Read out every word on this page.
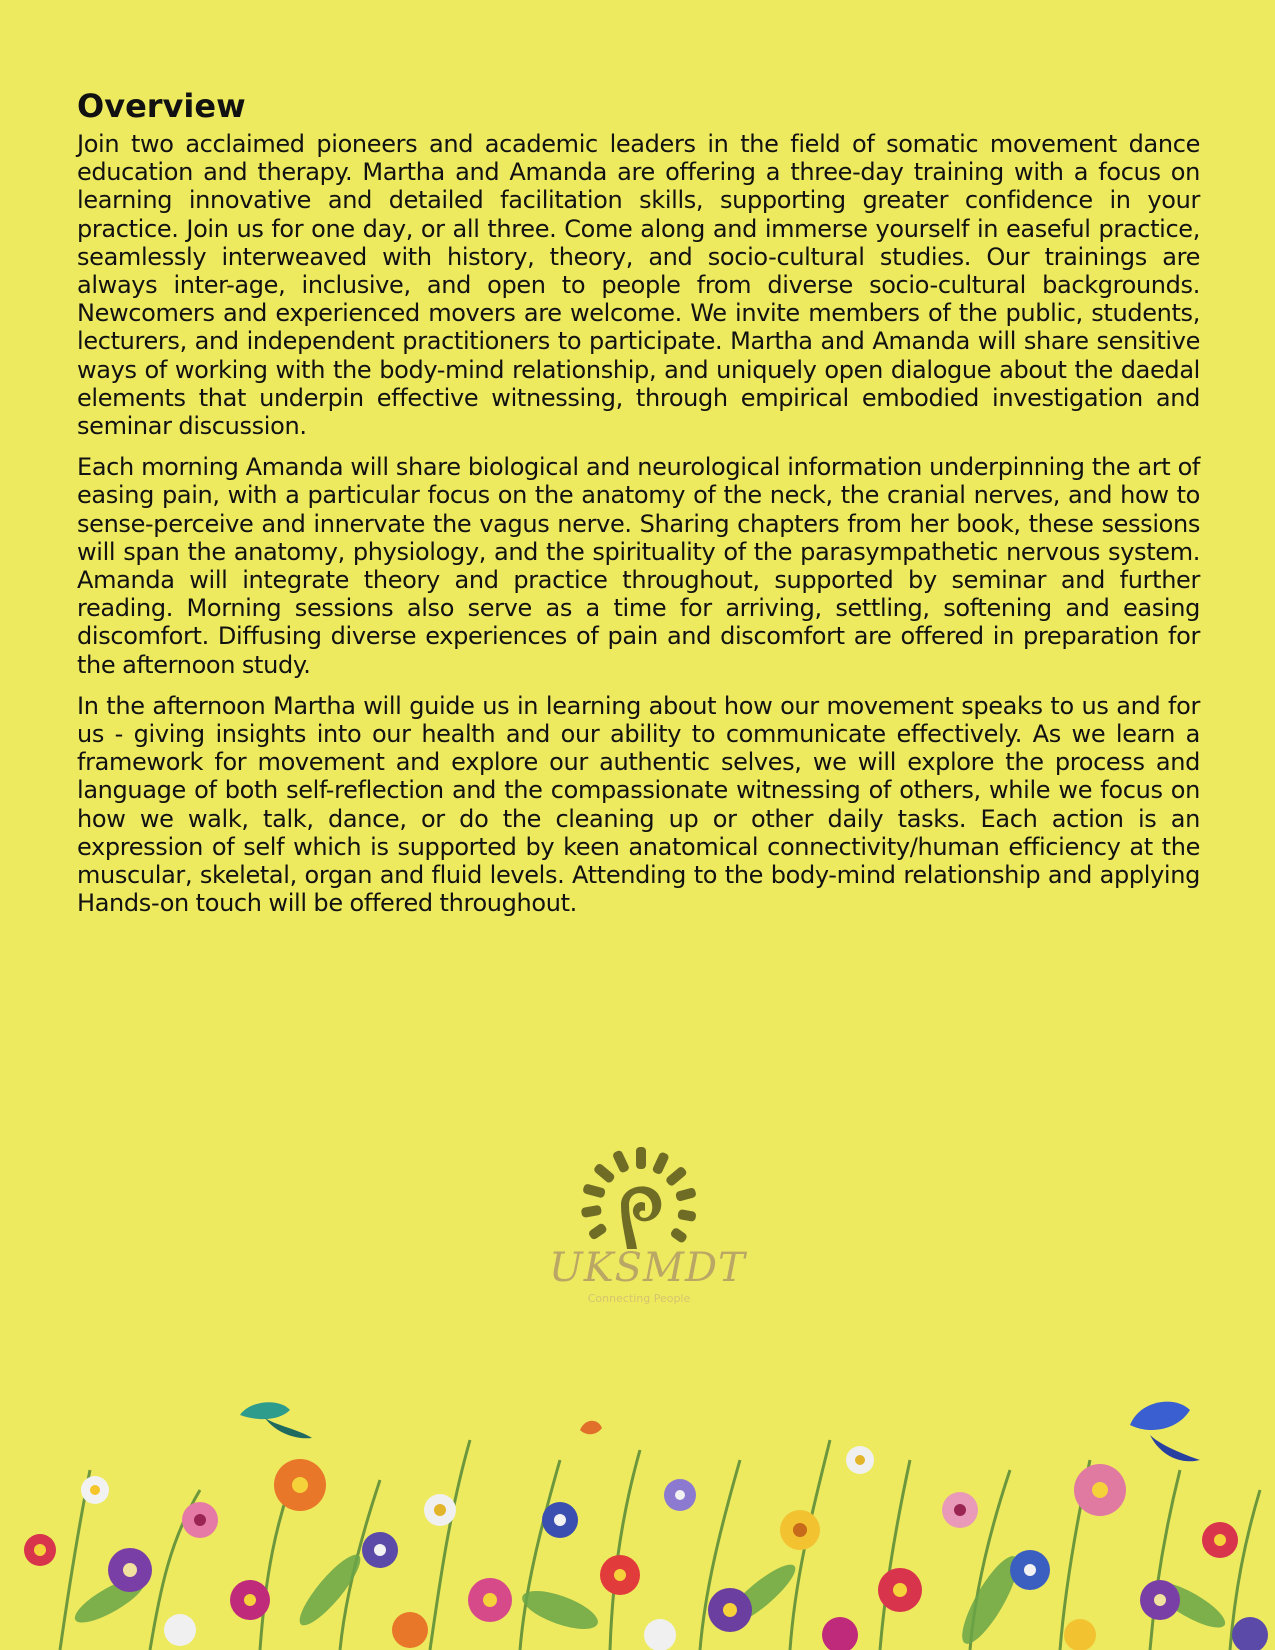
Overview

Join two acclaimed pioneers and academic leaders in the field of somatic movement dance education and therapy. Martha and Amanda are offering a three-day training with a focus on learning innovative and detailed facilitation skills, supporting greater confidence in your practice. Join us for one day, or all three. Come along and immerse yourself in easeful practice, seamlessly interweaved with history, theory, and socio-cultural studies. Our trainings are always inter-age, inclusive, and open to people from diverse socio-cultural backgrounds. Newcomers and experienced movers are welcome. We invite members of the public, students, lecturers, and independent practitioners to participate. Martha and Amanda will share sensitive ways of working with the body-mind relationship, and uniquely open dialogue about the daedal elements that underpin effective witnessing, through empirical embodied investigation and seminar discussion.

Each morning Amanda will share biological and neurological information underpinning the art of easing pain, with a particular focus on the anatomy of the neck, the cranial nerves, and how to sense-perceive and innervate the vagus nerve. Sharing chapters from her book, these sessions will span the anatomy, physiology, and the spirituality of the parasympathetic nervous system. Amanda will integrate theory and practice throughout, supported by seminar and further reading. Morning sessions also serve as a time for arriving, settling, softening and easing discomfort. Diffusing diverse experiences of pain and discomfort are offered in preparation for the afternoon study.

In the afternoon Martha will guide us in learning about how our movement speaks to us and for us - giving insights into our health and our ability to communicate effectively. As we learn a framework for movement and explore our authentic selves, we will explore the process and language of both self-reflection and the compassionate witnessing of others, while we focus on how we walk, talk, dance, or do the cleaning up or other daily tasks. Each action is an expression of self which is supported by keen anatomical connectivity/human efficiency at the muscular, skeletal, organ and fluid levels. Attending to the body-mind relationship and applying Hands-on touch will be offered throughout.

UKSMDT
Connecting People
